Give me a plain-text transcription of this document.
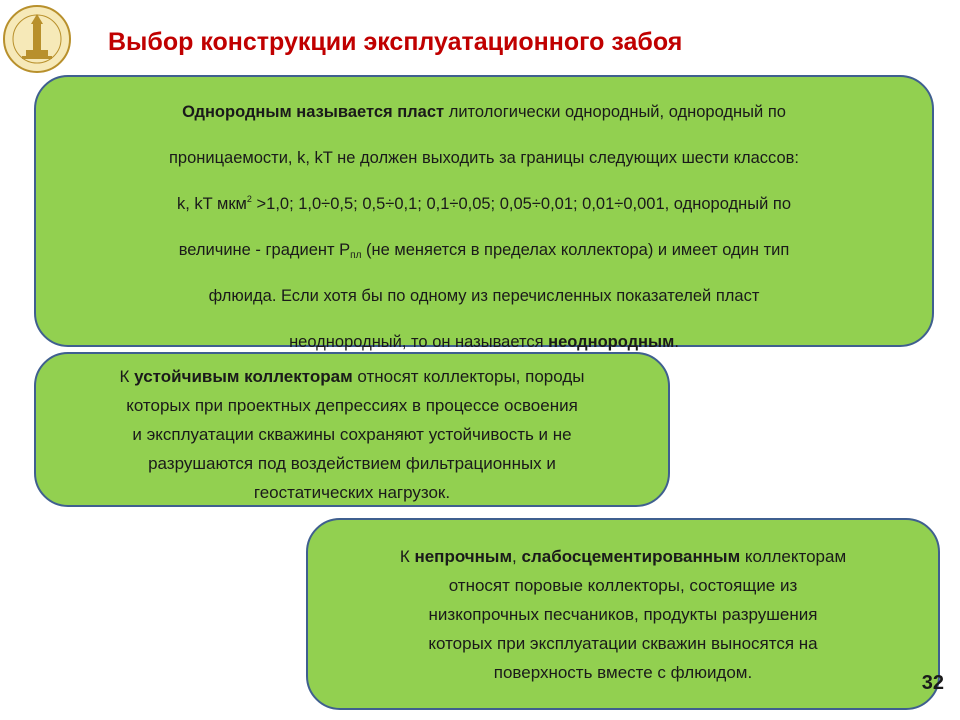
Выбор конструкции эксплуатационного забоя
Однородным называется пласт литологически однородный, однородный по
проницаемости, k, kT не должен выходить за границы следующих шести классов:
k, kT мкм$^2$ >1,0; 1,0÷0,5; 0,5÷0,1; 0,1÷0,05; 0,05÷0,01; 0,01÷0,001, однородный по
величине - градиент $P_{пл}$ (не меняется в пределах коллектора) и имеет один тип
флюида. Если хотя бы по одному из перечисленных показателей пласт
неоднородный, то он называется неоднородным.
К устойчивым коллекторам относят коллекторы, породы
которых при проектных депрессиях в процессе освоения
и эксплуатации скважины сохраняют устойчивость и не
разрушаются под воздействием фильтрационных и
геостатических нагрузок.
К непрочным, слабосцементированным коллекторам
относят поровые коллекторы, состоящие из
низкопрочных песчаников, продукты разрушения
которых при эксплуатации скважин выносятся на
поверхность вместе с флюидом.	32
